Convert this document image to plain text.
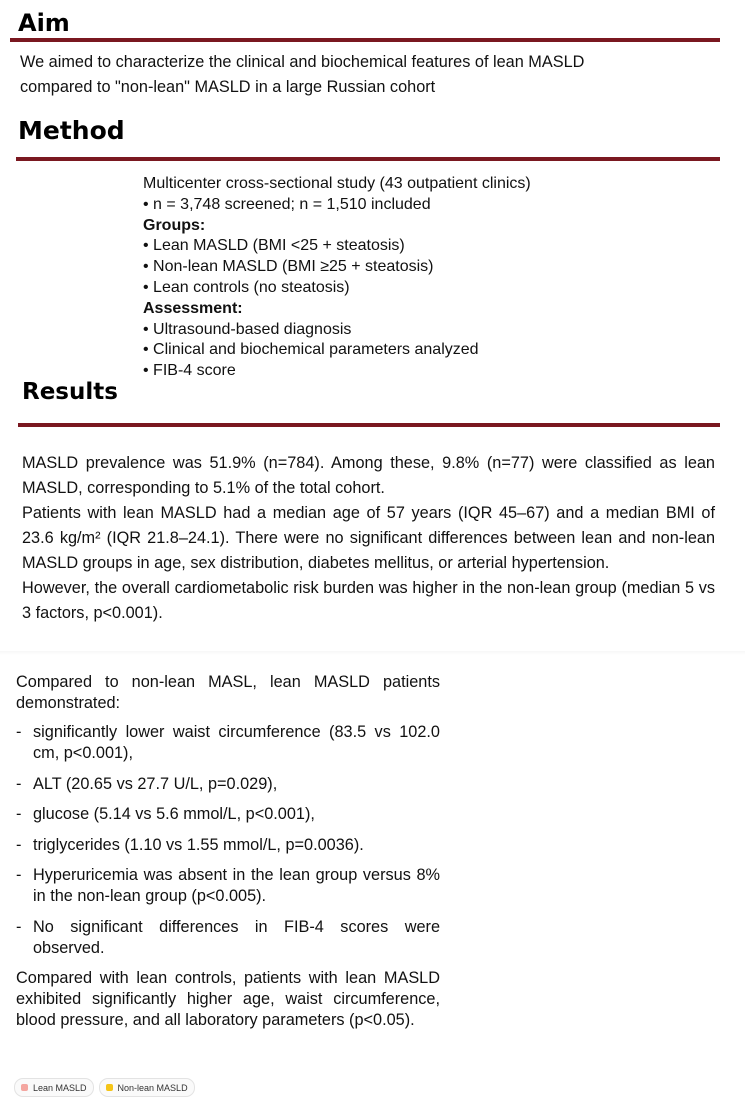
Aim

We aimed to characterize the clinical and biochemical features of lean MASLD compared to "non-lean" MASLD in a large Russian cohort

Method
Multicenter cross-sectional study (43 outpatient clinics)
• n = 3,748 screened; n = 1,510 included
Groups:
• Lean MASLD (BMI <25 + steatosis)
• Non-lean MASLD (BMI ≥25 + steatosis)
• Lean controls (no steatosis)
Assessment:
• Ultrasound-based diagnosis
• Clinical and biochemical parameters analyzed
• FIB-4 score
Results

MASLD prevalence was 51.9% (n=784). Among these, 9.8% (n=77) were classified as lean MASLD, corresponding to 5.1% of the total cohort.

Patients with lean MASLD had a median age of 57 years (IQR 45–67) and a median BMI of 23.6 kg/m² (IQR 21.8–24.1). There were no significant differences between lean and non-lean MASLD groups in age, sex distribution, diabetes mellitus, or arterial hypertension.

However, the overall cardiometabolic risk burden was higher in the non-lean group (median 5 vs 3 factors, p<0.001).

Compared to non-lean MASL, lean MASLD patients demonstrated:

- significantly lower waist circumference (83.5 vs 102.0 cm, p<0.001),
- ALT (20.65 vs 27.7 U/L, p=0.029),
- glucose (5.14 vs 5.6 mmol/L, p<0.001),
- triglycerides (1.10 vs 1.55 mmol/L, p=0.0036).
- Hyperuricemia was absent in the lean group versus 8% in the non-lean group (p<0.005).
- No significant differences in FIB-4 scores were observed.

Compared with lean controls, patients with lean MASLD exhibited significantly higher age, waist circumference, blood pressure, and all laboratory parameters (p<0.05).

Lean MASLD	Non-lean MASLD
